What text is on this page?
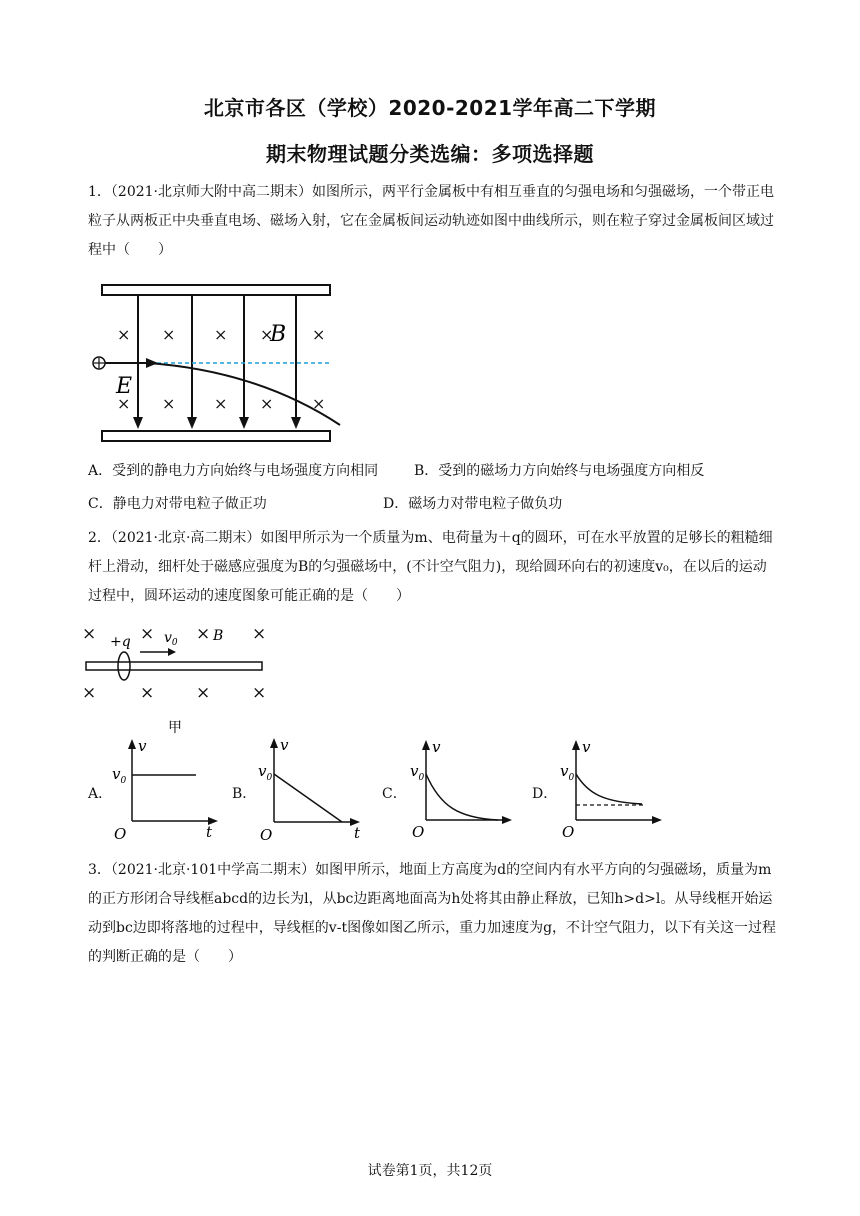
北京市各区（学校）2020-2021学年高二下学期
期末物理试题分类选编：多项选择题
1．（2021·北京师大附中高二期末）如图所示，两平行金属板中有相互垂直的匀强电场和匀强磁场，一个带正电粒子从两板正中央垂直电场、磁场入射，它在金属板间运动轨迹如图中曲线所示，则在粒子穿过金属板间区域过程中（　　）
× × × × ×
× × × × ×
B
E
A．受到的静电力方向始终与电场强度方向相同	B．受到的磁场力方向始终与电场强度方向相反
C．静电力对带电粒子做正功	D．磁场力对带电粒子做负功
2．（2021·北京·高二期末）如图甲所示为一个质量为m、电荷量为＋q的圆环，可在水平放置的足够长的粗糙细杆上滑动，细杆处于磁感应强度为B的匀强磁场中，(不计空气阻力)，现给圆环向右的初速度v₀，在以后的运动过程中，圆环运动的速度图象可能正确的是（　　）
×	× × ×
×	× × ×
+q $v_0$	B
甲
A．
v
$v_0$
O	t
B．
v
$v_0$
O	t
C．
v
$v_0$
O
D．
v
$v_0$
O
3．（2021·北京·101中学高二期末）如图甲所示，地面上方高度为d的空间内有水平方向的匀强磁场，质量为m的正方形闭合导线框abcd的边长为l，从bc边距离地面高为h处将其由静止释放，已知h>d>l。从导线框开始运动到bc边即将落地的过程中，导线框的v-t图像如图乙所示，重力加速度为g，不计空气阻力，以下有关这一过程的判断正确的是（　　）
试卷第1页，共12页
